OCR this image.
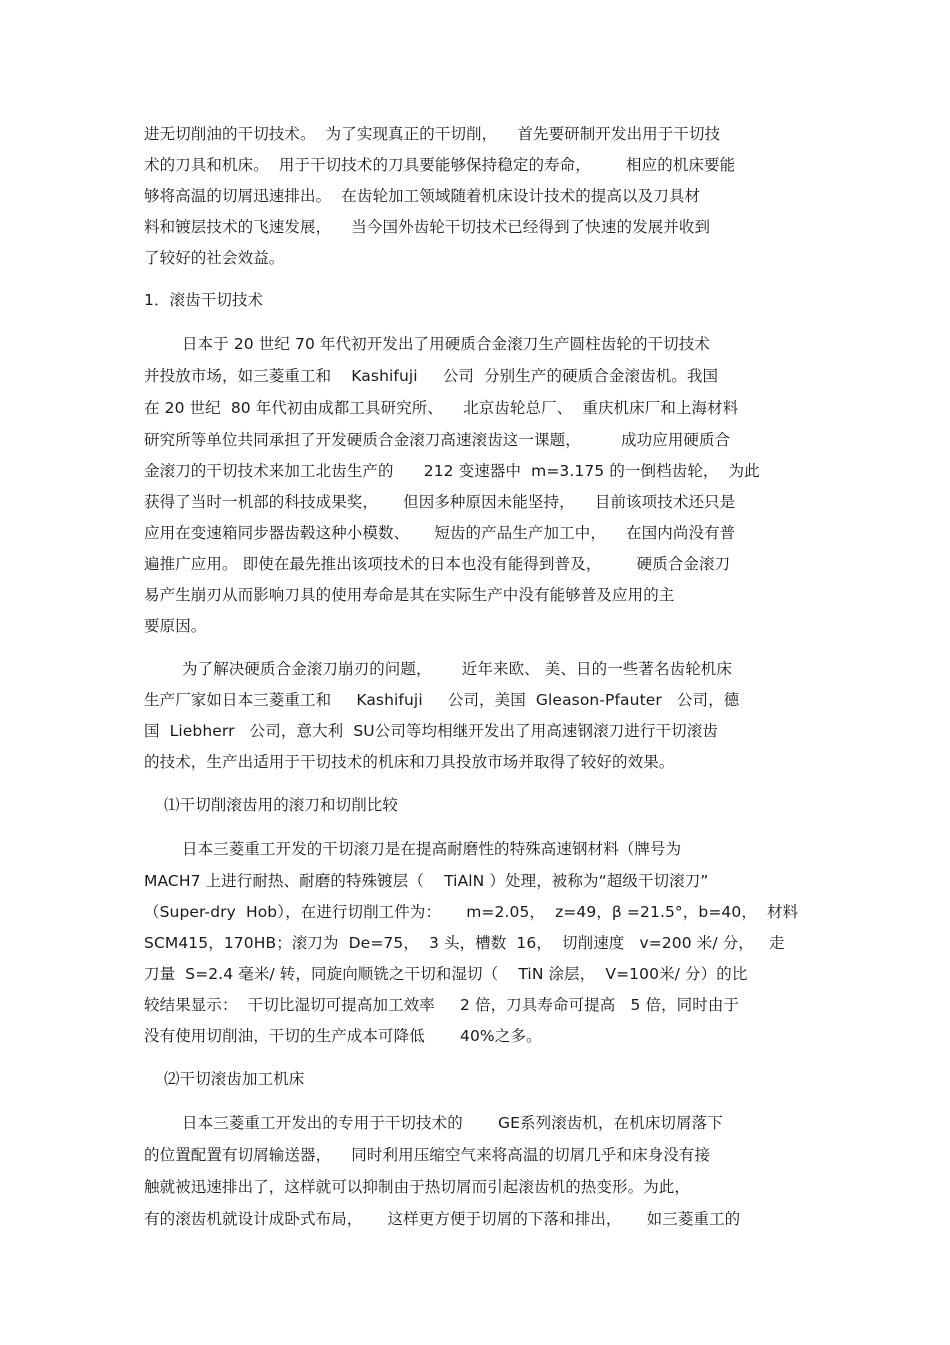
进无切削油的干切技术。  为了实现真正的干切削，    首先要研制开发出用于干切技
术的刀具和机床。  用于干切技术的刀具要能够保持稳定的寿命，       相应的机床要能
够将高温的切屑迅速排出。  在齿轮加工领域随着机床设计技术的提高以及刀具材
料和镀层技术的飞速发展，    当今国外齿轮干切技术已经得到了快速的发展并收到
了较好的社会效益。
1．滚齿干切技术
日本于 20 世纪 70 年代初开发出了用硬质合金滚刀生产圆柱齿轮的干切技术
并投放市场，如三菱重工和    Kashifuji     公司  分别生产的硬质合金滚齿机。我国
在 20 世纪  80 年代初由成都工具研究所、    北京齿轮总厂、  重庆机床厂和上海材料
研究所等单位共同承担了开发硬质合金滚刀高速滚齿这一课题，        成功应用硬质合
金滚刀的干切技术来加工北齿生产的      212 变速器中  m=3.175 的一倒档齿轮，  为此
获得了当时一机部的科技成果奖，     但因多种原因未能坚持，    目前该项技术还只是
应用在变速箱同步器齿毂这种小模数、     短齿的产品生产加工中，    在国内尚没有普
遍推广应用。 即使在最先推出该项技术的日本也没有能得到普及，       硬质合金滚刀
易产生崩刃从而影响刀具的使用寿命是其在实际生产中没有能够普及应用的主
要原因。
为了解决硬质合金滚刀崩刃的问题，      近年来欧、 美、日的一些著名齿轮机床
生产厂家如日本三菱重工和     Kashifuji     公司，美国  Gleason-Pfauter   公司，德
国  Liebherr   公司，意大利  SU公司等均相继开发出了用高速钢滚刀进行干切滚齿
的技术，生产出适用于干切技术的机床和刀具投放市场并取得了较好的效果。
⑴干切削滚齿用的滚刀和切削比较
日本三菱重工开发的干切滚刀是在提高耐磨性的特殊高速钢材料（牌号为
MACH7 上进行耐热、耐磨的特殊镀层（    TiAlN ）处理，被称为“超级干切滚刀”
（Super-dry  Hob），在进行切削工件为：     m=2.05，  z=49，β =21.5°，b=40，  材料
SCM415，170HB；滚刀为  De=75，  3 头，槽数  16，  切削速度   v=200 米/ 分，   走
刀量  S=2.4 毫米/ 转，同旋向顺铣之干切和湿切（    TiN 涂层，  V=100米/ 分）的比
较结果显示：  干切比湿切可提高加工效率     2 倍，刀具寿命可提高   5 倍，同时由于
没有使用切削油，干切的生产成本可降低       40%之多。
⑵干切滚齿加工机床
日本三菱重工开发出的专用于干切技术的       GE系列滚齿机，在机床切屑落下
的位置配置有切屑输送器，    同时利用压缩空气来将高温的切屑几乎和床身没有接
触就被迅速排出了，这样就可以抑制由于热切屑而引起滚齿机的热变形。为此，
有的滚齿机就设计成卧式布局，     这样更方便于切屑的下落和排出，     如三菱重工的
